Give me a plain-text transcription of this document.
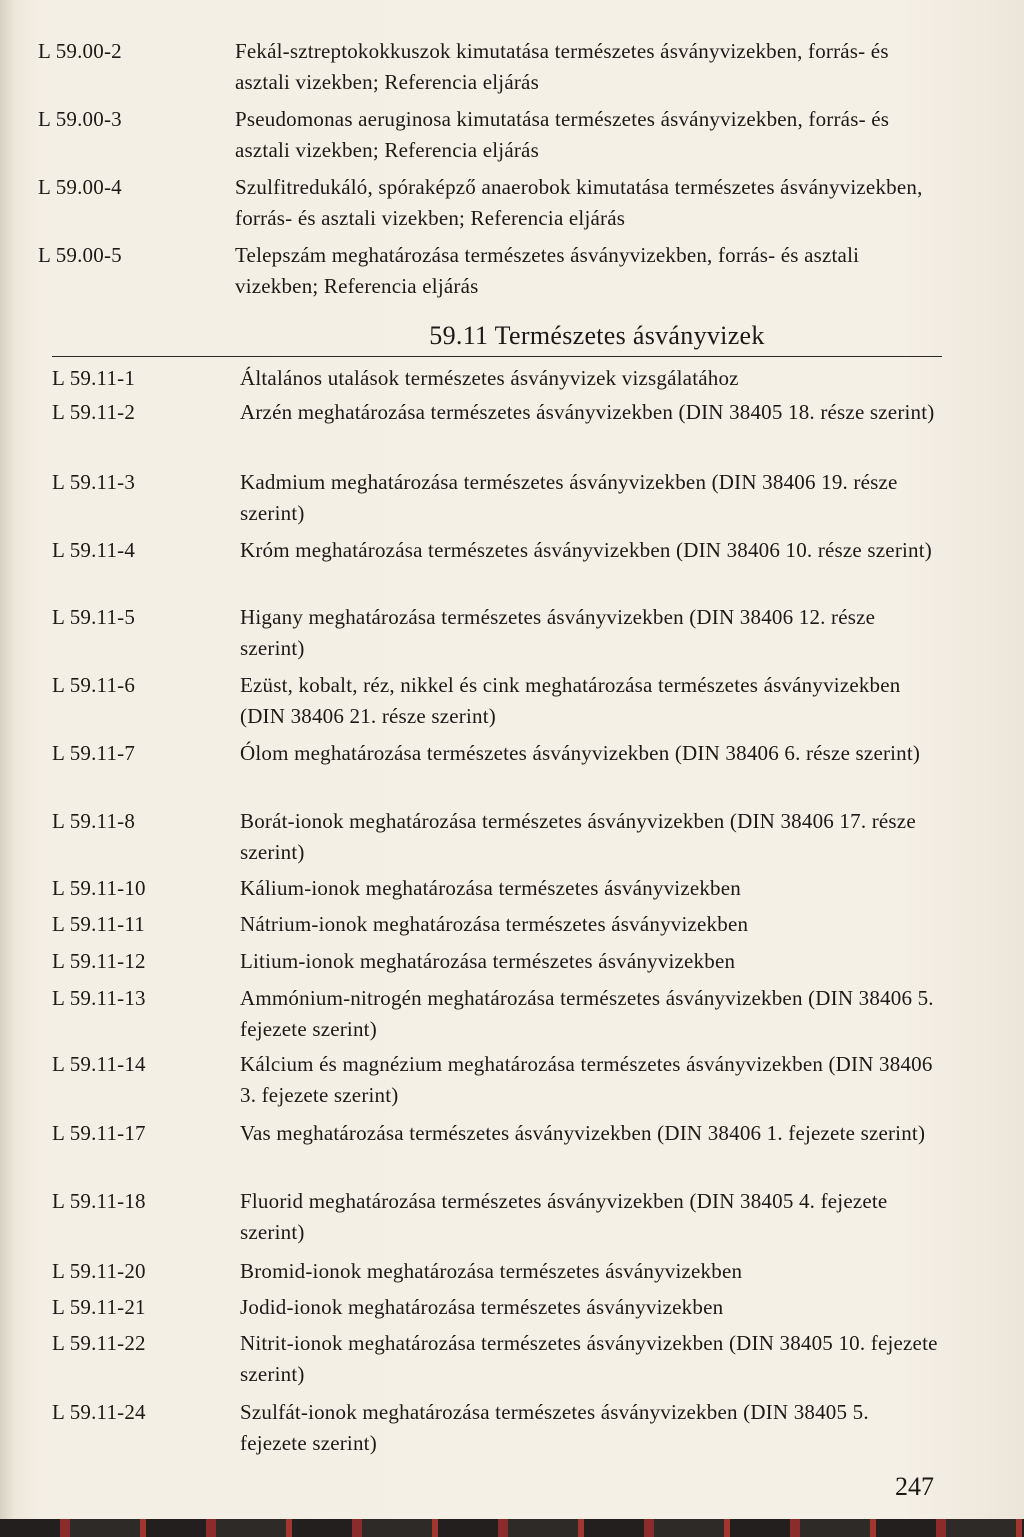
L 59.00-2	Fekál-sztreptokokkuszok kimutatása természetes ásványvizekben, forrás- és asztali vizekben; Referencia eljárás
L 59.00-3	Pseudomonas aeruginosa kimutatása természetes ásványvizekben, forrás- és asztali vizekben; Referencia eljárás
L 59.00-4	Szulfitredukáló, spóraképző anaerobok kimutatása természetes ásványvizekben, forrás- és asztali vizekben; Referencia eljárás
L 59.00-5	Telepszám meghatározása természetes ásványvizekben, forrás- és asztali vizekben; Referencia eljárás
59.11 Természetes ásványvizek
L 59.11-1	Általános utalások természetes ásványvizek vizsgálatához
L 59.11-2	Arzén meghatározása természetes ásványvizekben (DIN 38405 18. része szerint)
L 59.11-3	Kadmium meghatározása természetes ásványvizekben (DIN 38406 19. része szerint)
L 59.11-4	Króm meghatározása természetes ásványvizekben (DIN 38406 10. része szerint)
L 59.11-5	Higany meghatározása természetes ásványvizekben (DIN 38406 12. része szerint)
L 59.11-6	Ezüst, kobalt, réz, nikkel és cink meghatározása természetes ásványvizekben (DIN 38406 21. része szerint)
L 59.11-7	Ólom meghatározása természetes ásványvizekben (DIN 38406 6. része szerint)
L 59.11-8	Borát-ionok meghatározása természetes ásványvizekben (DIN 38406 17. része szerint)
L 59.11-10	Kálium-ionok meghatározása természetes ásványvizekben
L 59.11-11	Nátrium-ionok meghatározása természetes ásványvizekben
L 59.11-12	Litium-ionok meghatározása természetes ásványvizekben
L 59.11-13	Ammónium-nitrogén meghatározása természetes ásványvizekben (DIN 38406 5. fejezete szerint)
L 59.11-14	Kálcium és magnézium meghatározása természetes ásványvizekben (DIN 38406 3. fejezete szerint)
L 59.11-17	Vas meghatározása természetes ásványvizekben (DIN 38406 1. fejezete szerint)
L 59.11-18	Fluorid meghatározása természetes ásványvizekben (DIN 38405 4. fejezete szerint)
L 59.11-20	Bromid-ionok meghatározása természetes ásványvizekben
L 59.11-21	Jodid-ionok meghatározása természetes ásványvizekben
L 59.11-22	Nitrit-ionok meghatározása természetes ásványvizekben (DIN 38405 10. fejezete szerint)
L 59.11-24	Szulfát-ionok meghatározása természetes ásványvizekben (DIN 38405 5. fejezete szerint)
247
